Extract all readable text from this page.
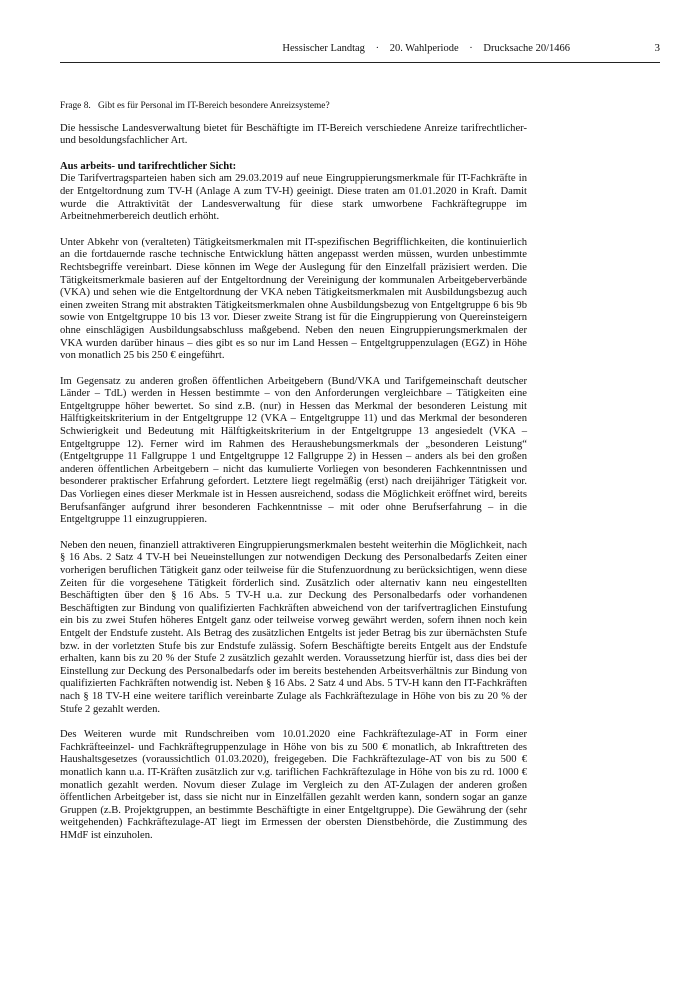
Hessischer Landtag · 20. Wahlperiode · Drucksache 20/1466	3
Frage 8. Gibt es für Personal im IT-Bereich besondere Anreizsysteme?

Die hessische Landesverwaltung bietet für Beschäftigte im IT-Bereich verschiedene Anreize tarifrechtlicher- und besoldungsfachlicher Art.

Aus arbeits- und tarifrechtlicher Sicht:

Die Tarifvertragsparteien haben sich am 29.03.2019 auf neue Eingruppierungsmerkmale für IT-Fachkräfte in der Entgeltordnung zum TV-H (Anlage A zum TV-H) geeinigt. Diese traten am 01.01.2020 in Kraft. Damit wurde die Attraktivität der Landesverwaltung für diese stark umworbene Fachkräftegruppe im Arbeitnehmerbereich deutlich erhöht.

Unter Abkehr von (veralteten) Tätigkeitsmerkmalen mit IT-spezifischen Begrifflichkeiten, die kontinuierlich an die fortdauernde rasche technische Entwicklung hätten angepasst werden müssen, wurden unbestimmte Rechtsbegriffe vereinbart. Diese können im Wege der Auslegung für den Einzelfall präzisiert werden. Die Tätigkeitsmerkmale basieren auf der Entgeltordnung der Vereinigung der kommunalen Arbeitgeberverbände (VKA) und sehen wie die Entgeltordnung der VKA neben Tätigkeitsmerkmalen mit Ausbildungsbezug auch einen zweiten Strang mit abstrakten Tätigkeitsmerkmalen ohne Ausbildungsbezug von Entgeltgruppe 6 bis 9b sowie von Entgeltgruppe 10 bis 13 vor. Dieser zweite Strang ist für die Eingruppierung von Quereinsteigern ohne einschlägigen Ausbildungsabschluss maßgebend. Neben den neuen Eingruppierungsmerkmalen der VKA wurden darüber hinaus – dies gibt es so nur im Land Hessen – Entgeltgruppenzulagen (EGZ) in Höhe von monatlich 25 bis 250 € eingeführt.

Im Gegensatz zu anderen großen öffentlichen Arbeitgebern (Bund/VKA und Tarifgemeinschaft deutscher Länder – TdL) werden in Hessen bestimmte – von den Anforderungen vergleichbare – Tätigkeiten eine Entgeltgruppe höher bewertet. So sind z.B. (nur) in Hessen das Merkmal der besonderen Leistung mit Hälftigkeitskriterium in der Entgeltgruppe 12 (VKA – Entgeltgruppe 11) und das Merkmal der besonderen Schwierigkeit und Bedeutung mit Hälftigkeitskriterium in der Entgeltgruppe 13 angesiedelt (VKA – Entgeltgruppe 12). Ferner wird im Rahmen des Heraushebungsmerkmals der „besonderen Leistung“ (Entgeltgruppe 11 Fallgruppe 1 und Entgeltgruppe 12 Fallgruppe 2) in Hessen – anders als bei den großen anderen öffentlichen Arbeitgebern – nicht das kumulierte Vorliegen von besonderen Fachkenntnissen und besonderer praktischer Erfahrung gefordert. Letztere liegt regelmäßig (erst) nach dreijähriger Tätigkeit vor. Das Vorliegen eines dieser Merkmale ist in Hessen ausreichend, sodass die Möglichkeit eröffnet wird, bereits Berufsanfänger aufgrund ihrer besonderen Fachkenntnisse – mit oder ohne Berufserfahrung – in die Entgeltgruppe 11 einzugruppieren.

Neben den neuen, finanziell attraktiveren Eingruppierungsmerkmalen besteht weiterhin die Möglichkeit, nach § 16 Abs. 2 Satz 4 TV-H bei Neueinstellungen zur notwendigen Deckung des Personalbedarfs Zeiten einer vorherigen beruflichen Tätigkeit ganz oder teilweise für die Stufenzuordnung zu berücksichtigen, wenn diese Zeiten für die vorgesehene Tätigkeit förderlich sind. Zusätzlich oder alternativ kann neu eingestellten Beschäftigten über den § 16 Abs. 5 TV-H u.a. zur Deckung des Personalbedarfs oder vorhandenen Beschäftigten zur Bindung von qualifizierten Fachkräften abweichend von der tarifvertraglichen Einstufung ein bis zu zwei Stufen höheres Entgelt ganz oder teilweise vorweg gewährt werden, sofern ihnen noch kein Entgelt der Endstufe zusteht. Als Betrag des zusätzlichen Entgelts ist jeder Betrag bis zur übernächsten Stufe bzw. in der vorletzten Stufe bis zur Endstufe zulässig. Sofern Beschäftigte bereits Entgelt aus der Endstufe erhalten, kann bis zu 20 % der Stufe 2 zusätzlich gezahlt werden. Voraussetzung hierfür ist, dass dies bei der Einstellung zur Deckung des Personalbedarfs oder im bereits bestehenden Arbeitsverhältnis zur Bindung von qualifizierten Fachkräften notwendig ist. Neben § 16 Abs. 2 Satz 4 und Abs. 5 TV-H kann den IT-Fachkräften nach § 18 TV-H eine weitere tariflich vereinbarte Zulage als Fachkräftezulage in Höhe von bis zu 20 % der Stufe 2 gezahlt werden.

Des Weiteren wurde mit Rundschreiben vom 10.01.2020 eine Fachkräftezulage-AT in Form einer Fachkräfteeinzel- und Fachkräftegruppenzulage in Höhe von bis zu 500 € monatlich, ab Inkrafttreten des Haushaltsgesetzes (voraussichtlich 01.03.2020), freigegeben. Die Fachkräftezulage-AT von bis zu 500 € monatlich kann u.a. IT-Kräften zusätzlich zur v.g. tariflichen Fachkräftezulage in Höhe von bis zu rd. 1000 € monatlich gezahlt werden. Novum dieser Zulage im Vergleich zu den AT-Zulagen der anderen großen öffentlichen Arbeitgeber ist, dass sie nicht nur in Einzelfällen gezahlt werden kann, sondern sogar an ganze Gruppen (z.B. Projektgruppen, an bestimmte Beschäftigte in einer Entgeltgruppe). Die Gewährung der (sehr weitgehenden) Fachkräftezulage-AT liegt im Ermessen der obersten Dienstbehörde, die Zustimmung des HMdF ist einzuholen.
